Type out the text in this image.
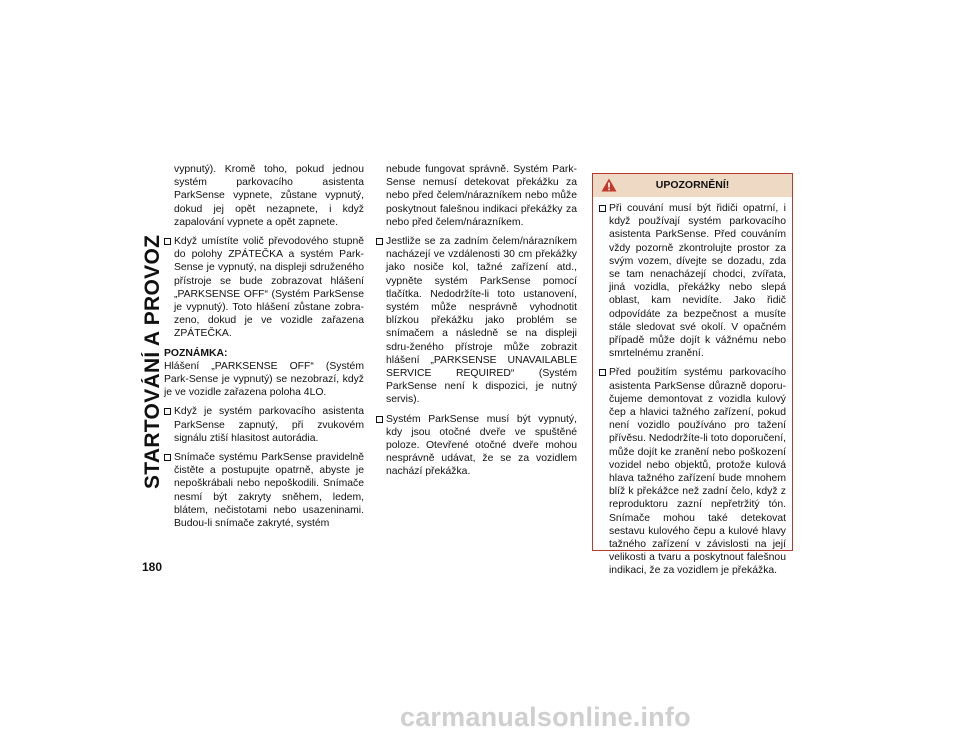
STARTOVÁNÍ A PROVOZ
180

vypnutý). Kromě toho, pokud jednou systém parkovacího asistenta ParkSense vypnete, zůstane vypnutý, dokud jej opět nezapnete, i když zapalování vypnete a opět zapnete.

Když umístíte volič převodového stupně do polohy ZPÁTEČKA a systém Park-Sense je vypnutý, na displeji sdruženého přístroje se bude zobrazovat hlášení „PARKSENSE OFF“ (Systém ParkSense je vypnutý). Toto hlášení zůstane zobra-zeno, dokud je ve vozidle zařazena ZPÁTEČKA.

POZNÁMKA:

Hlášení „PARKSENSE OFF“ (Systém Park-Sense je vypnutý) se nezobrazí, když je ve vozidle zařazena poloha 4LO.

Když je systém parkovacího asistenta ParkSense zapnutý, při zvukovém signálu ztiší hlasitost autorádia.

Snímače systému ParkSense pravidelně čistěte a postupujte opatrně, abyste je nepoškrábali nebo nepoškodili. Snímače nesmí být zakryty sněhem, ledem, blátem, nečistotami nebo usazeninami. Budou-li snímače zakryté, systém

nebude fungovat správně. Systém Park-Sense nemusí detekovat překážku za nebo před čelem/nárazníkem nebo může poskytnout falešnou indikaci překážky za nebo před čelem/nárazníkem.

Jestliže se za zadním čelem/nárazníkem nacházejí ve vzdálenosti 30 cm překážky jako nosiče kol, tažné zařízení atd., vypněte systém ParkSense pomocí tlačítka. Nedodržíte-li toto ustanovení, systém může nesprávně vyhodnotit blízkou překážku jako problém se snímačem a následně se na displeji sdru-ženého přístroje může zobrazit hlášení „PARKSENSE UNAVAILABLE SERVICE REQUIRED“ (Systém ParkSense není k dispozici, je nutný servis).

Systém ParkSense musí být vypnutý, kdy jsou otočné dveře ve spuštěné poloze. Otevřené otočné dveře mohou nesprávně udávat, že se za vozidlem nachází překážka.

UPOZORNĚNÍ!

Při couvání musí být řidiči opatrní, i když používají systém parkovacího asistenta ParkSense. Před couváním vždy pozorně zkontrolujte prostor za svým vozem, dívejte se dozadu, zda se tam nenacházejí chodci, zvířata, jiná vozidla, překážky nebo slepá oblast, kam nevidíte. Jako řidič odpovídáte za bezpečnost a musíte stále sledovat své okolí. V opačném případě může dojít k vážnému nebo smrtelnému zranění.

Před použitím systému parkovacího asistenta ParkSense důrazně doporu-čujeme demontovat z vozidla kulový čep a hlavici tažného zařízení, pokud není vozidlo používáno pro tažení přívěsu. Nedodržíte-li toto doporučení, může dojít ke zranění nebo poškození vozidel nebo objektů, protože kulová hlava tažného zařízení bude mnohem blíž k překážce než zadní čelo, když z reproduktoru zazní nepřetržitý tón. Snímače mohou také detekovat sestavu kulového čepu a kulové hlavy tažného zařízení v závislosti na její velikosti a tvaru a poskytnout falešnou indikaci, že za vozidlem je překážka.

carmanualsonline.info
